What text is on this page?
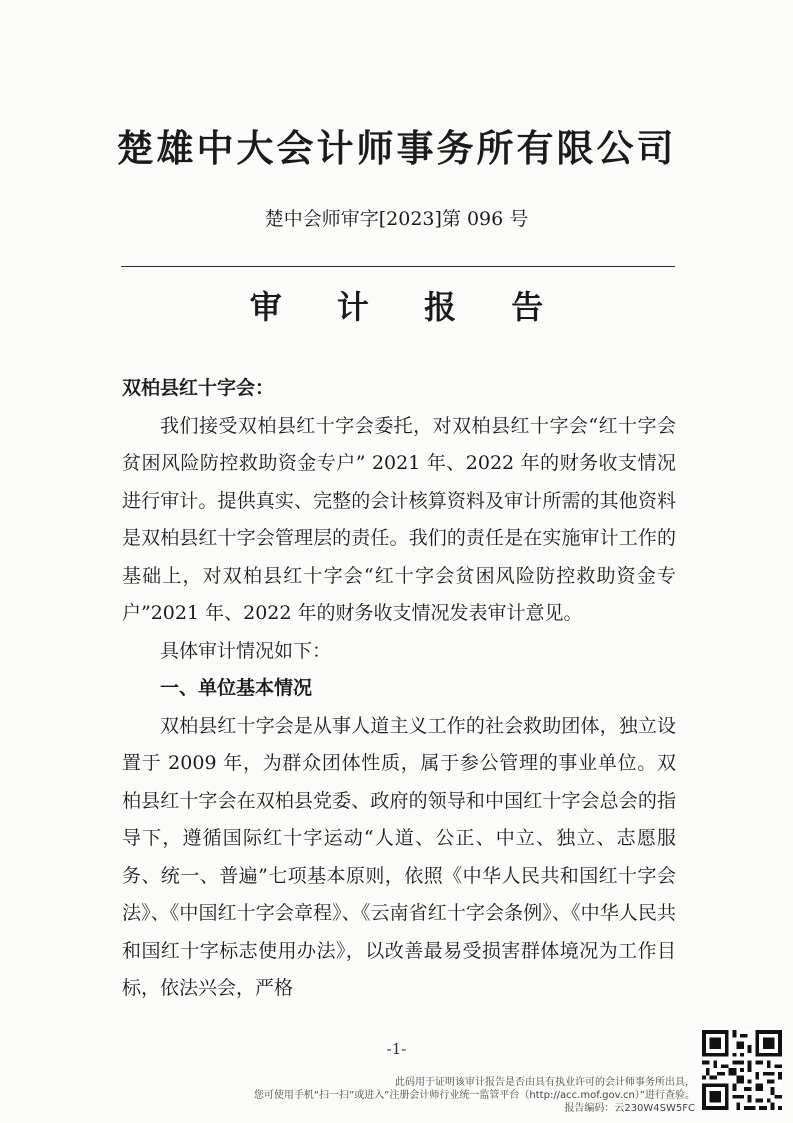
楚雄中大会计师事务所有限公司
楚中会师审字[2023]第 096 号
审 计 报 告

双柏县红十字会：

我们接受双柏县红十字会委托，对双柏县红十字会“红十字会贫困风险防控救助资金专户” 2021 年、2022 年的财务收支情况进行审计。提供真实、完整的会计核算资料及审计所需的其他资料是双柏县红十字会管理层的责任。我们的责任是在实施审计工作的基础上，对双柏县红十字会“红十字会贫困风险防控救助资金专户”2021 年、2022 年的财务收支情况发表审计意见。

具体审计情况如下：

一、单位基本情况

双柏县红十字会是从事人道主义工作的社会救助团体，独立设置于 2009 年，为群众团体性质，属于参公管理的事业单位。双柏县红十字会在双柏县党委、政府的领导和中国红十字会总会的指导下，遵循国际红十字运动“人道、公正、中立、独立、志愿服务、统一、普遍”七项基本原则，依照《中华人民共和国红十字会法》、《中国红十字会章程》、《云南省红十字会条例》、《中华人民共和国红十字标志使用办法》，以改善最易受损害群体境况为工作目标，依法兴会，严格

-1-
此码用于证明该审计报告是否由具有执业许可的会计师事务所出具，
您可使用手机“扫一扫”或进入“注册会计师行业统一监管平台（http://acc.mof.gov.cn）”进行查验。
报告编码：云230W4SW5FC
